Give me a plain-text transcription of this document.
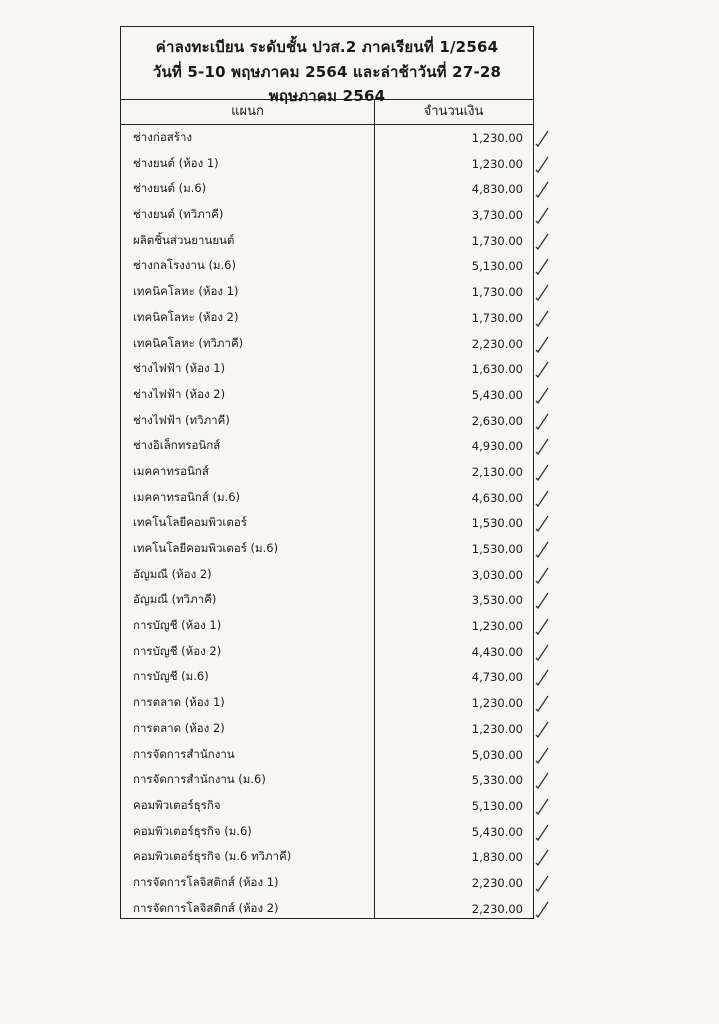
ค่าลงทะเบียน ระดับชั้น ปวส.2 ภาคเรียนที่ 1/2564
วันที่ 5-10 พฤษภาคม 2564 และล่าช้าวันที่ 27-28 พฤษภาคม 2564
แผนก	จำนวนเงิน
ช่างก่อสร้าง	1,230.00
ช่างยนต์ (ห้อง 1)	1,230.00
ช่างยนต์ (ม.6)	4,830.00
ช่างยนต์ (ทวิภาคี)	3,730.00
ผลิตชิ้นส่วนยานยนต์	1,730.00
ช่างกลโรงงาน (ม.6)	5,130.00
เทคนิคโลหะ (ห้อง 1)	1,730.00
เทคนิคโลหะ (ห้อง 2)	1,730.00
เทคนิคโลหะ (ทวิภาคี)	2,230.00
ช่างไฟฟ้า (ห้อง 1)	1,630.00
ช่างไฟฟ้า (ห้อง 2)	5,430.00
ช่างไฟฟ้า (ทวิภาคี)	2,630.00
ช่างอิเล็กทรอนิกส์	4,930.00
เมคคาทรอนิกส์	2,130.00
เมคคาทรอนิกส์ (ม.6)	4,630.00
เทคโนโลยีคอมพิวเตอร์	1,530.00
เทคโนโลยีคอมพิวเตอร์ (ม.6)	1,530.00
อัญมณี (ห้อง 2)	3,030.00
อัญมณี (ทวิภาคี)	3,530.00
การบัญชี (ห้อง 1)	1,230.00
การบัญชี (ห้อง 2)	4,430.00
การบัญชี (ม.6)	4,730.00
การตลาด (ห้อง 1)	1,230.00
การตลาด (ห้อง 2)	1,230.00
การจัดการสำนักงาน	5,030.00
การจัดการสำนักงาน (ม.6)	5,330.00
คอมพิวเตอร์ธุรกิจ	5,130.00
คอมพิวเตอร์ธุรกิจ (ม.6)	5,430.00
คอมพิวเตอร์ธุรกิจ (ม.6 ทวิภาคี)	1,830.00
การจัดการโลจิสติกส์ (ห้อง 1)	2,230.00
การจัดการโลจิสติกส์ (ห้อง 2)	2,230.00
